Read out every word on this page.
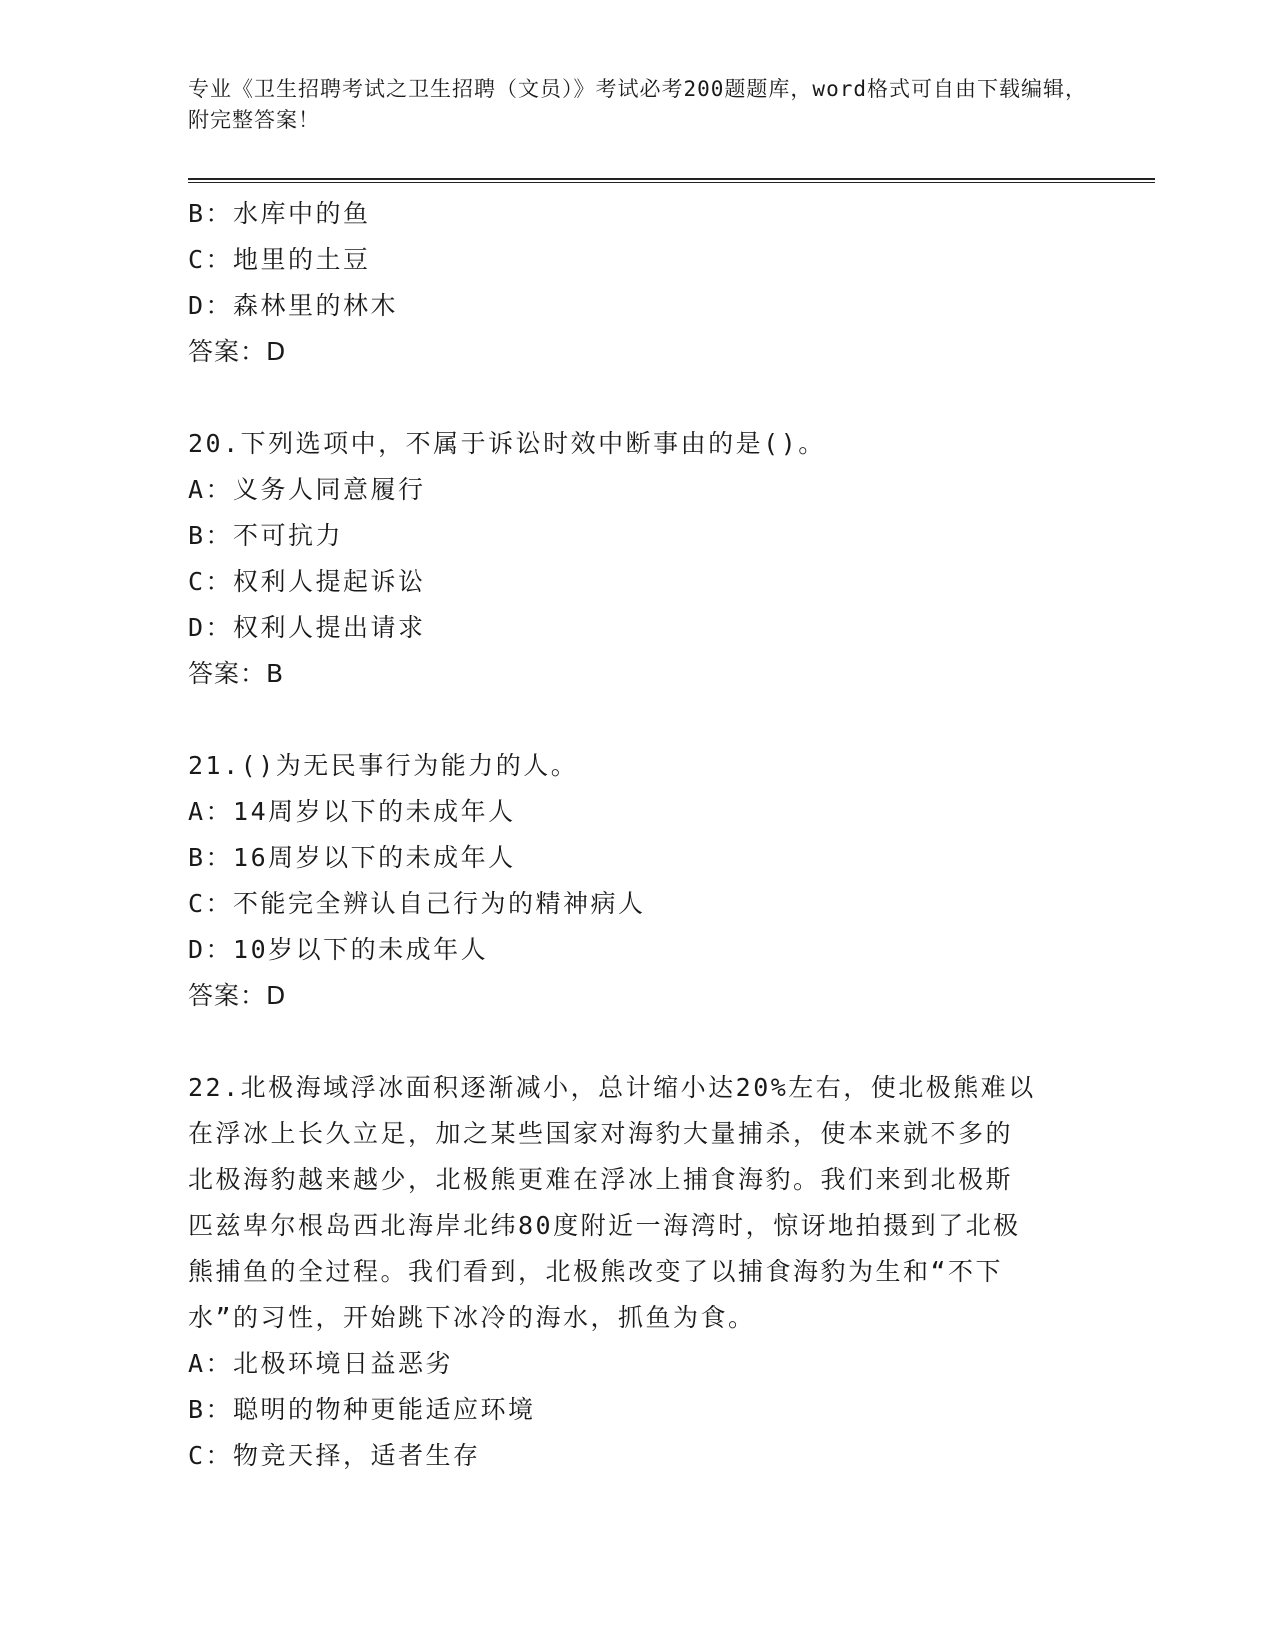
专业《卫生招聘考试之卫生招聘（文员）》考试必考200题题库，word格式可自由下载编辑，附完整答案！

B：水库中的鱼

C：地里的土豆

D：森林里的林木

答案：D

20.下列选项中，不属于诉讼时效中断事由的是()。

A：义务人同意履行

B：不可抗力

C：权利人提起诉讼

D：权利人提出请求

答案：B

21.()为无民事行为能力的人。

A：14周岁以下的未成年人

B：16周岁以下的未成年人

C：不能完全辨认自己行为的精神病人

D：10岁以下的未成年人

答案：D

22.北极海域浮冰面积逐渐减小，总计缩小达20%左右，使北极熊难以

在浮冰上长久立足，加之某些国家对海豹大量捕杀，使本来就不多的

北极海豹越来越少，北极熊更难在浮冰上捕食海豹。我们来到北极斯

匹兹卑尔根岛西北海岸北纬80度附近一海湾时，惊讶地拍摄到了北极

熊捕鱼的全过程。我们看到，北极熊改变了以捕食海豹为生和“不下

水”的习性，开始跳下冰冷的海水，抓鱼为食。

A：北极环境日益恶劣

B：聪明的物种更能适应环境

C：物竞天择，适者生存
